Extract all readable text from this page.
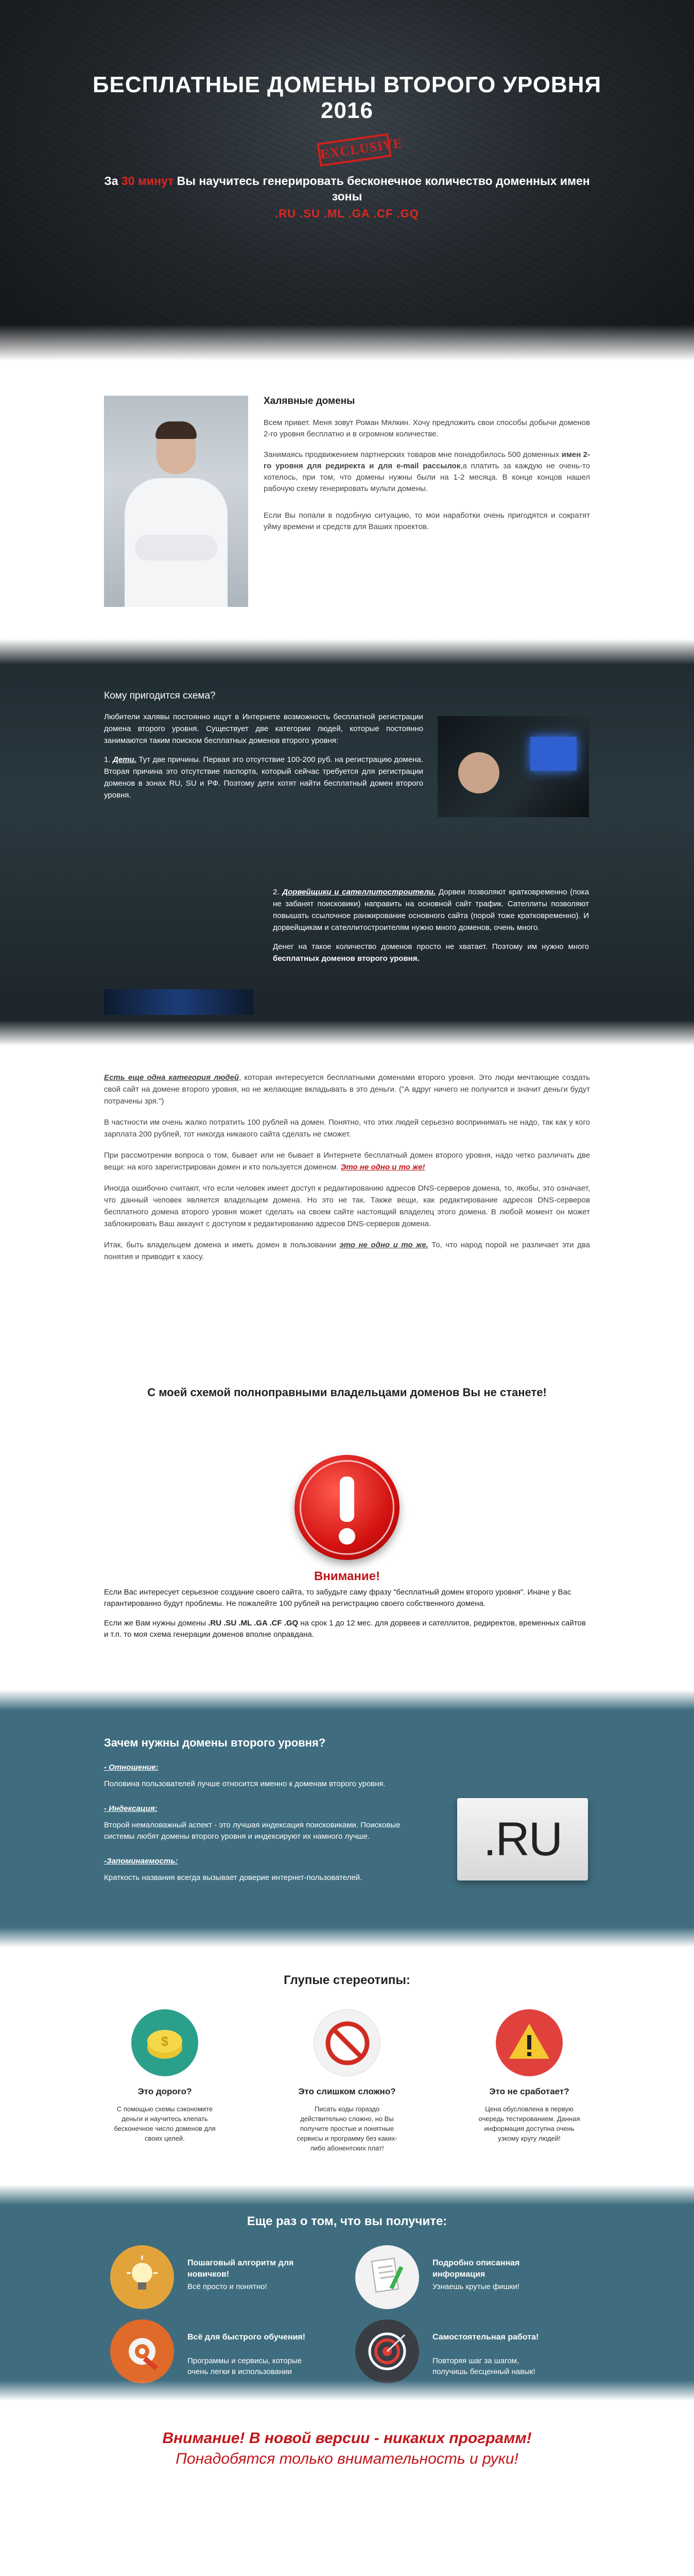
БЕСПЛАТНЫЕ ДОМЕНЫ ВТОРОГО УРОВНЯ
2016
EXCLUSIVE
За 30 минут Вы научитесь генерировать бесконечное количество доменных имен зоны
.RU .SU .ML .GA .CF .GQ
Халявные домены

Всем привет. Меня зовут Роман Мялкин. Хочу предложить свои способы добычи доменов 2-го уровня бесплатно и в огромном количестве.

Занимаясь продвижением партнерских товаров мне понадобилось 500 доменных имен 2-го уровня для редиректа и для e-mail рассылок,а платить за каждую не очень-то хотелось, при том, что домены нужны были на 1-2 месяца. В конце концов нашел рабочую схему генерировать мульти домены.

Если Вы попали в подобную ситуацию, то мои наработки очень пригодятся и сократят уйму времени и средств для Ваших проектов.

Кому пригодится схема?

Любители халявы постоянно ищут в Интернете возможность бесплатной регистрации домена второго уровня. Существует две категории людей, которые постоянно занимаются таким поиском бесплатных доменов второго уровня:

1. Дети. Тут две причины. Первая это отсутствие 100-200 руб. на регистрацию домена. Вторая причина это отсутствие паспорта, который сейчас требуется для регистрации доменов в зонах RU, SU и РФ. Поэтому дети хотят найти бесплатный домен второго уровня.

2. Дорвейщики и сателлитостроители. Дорвеи позволяют кратковременно (пока не забанят поисковики) направить на основной сайт трафик. Сателлиты позволяют повышать ссылочное ранжирование основного сайта (порой тоже кратковременно). И дорвейщикам и сателлитостроителям нужно много доменов, очень много.

Денег на такое количество доменов просто не хватает. Поэтому им нужно много бесплатных доменов второго уровня.

Есть еще одна категория людей, которая интересуется бесплатными доменами второго уровня. Это люди мечтающие создать свой сайт на домене второго уровня, но не желающие вкладывать в это деньги. ("А вдруг ничего не получится и значит деньги будут потрачены зря.")

В частности им очень жалко потратить 100 рублей на домен. Понятно, что этих людей серьезно воспринимать не надо, так как у кого зарплата 200 рублей, тот никогда никакого сайта сделать не сможет.

При рассмотрении вопроса о том, бывает или не бывает в Интернете бесплатный домен второго уровня, надо четко различать две вещи: на кого зарегистрирован домен и кто пользуется доменом. Это не одно и то же!

Иногда ошибочно считают, что если человек имеет доступ к редактированию адресов DNS-серверов домена, то, якобы, это означает, что данный человек является владельцем домена. Но это не так. Также вещи, как редактирование адресов DNS-серверов бесплатного домена второго уровня может сделать на своем сайте настоящий владелец этого домена. В любой момент он может заблокировать Ваш аккаунт с доступом к редактированию адресов DNS-серверов домена.

Итак, быть владельцем домена и иметь домен в пользовании это не одно и то же. То, что народ порой не различает эти два понятия и приводит к хаосу.

С моей схемой полноправными владельцами доменов Вы не станете!
Внимание!

Если Вас интересует серьезное создание своего сайта, то забудьте саму фразу "бесплатный домен второго уровня". Иначе у Вас гарантированно будут проблемы. Не пожалейте 100 рублей на регистрацию своего собственного домена.

Если же Вам нужны домены .RU .SU .ML .GA .CF .GQ на срок 1 до 12 мес. для дорвеев и сателлитов, редиректов, временных сайтов и т.п. то моя схема генерации доменов вполне оправдана.

Зачем нужны домены второго уровня?
- Отношение:
Половина пользователей лучше относится именно к доменам второго уровня.
- Индексация:
Второй немаловажный аспект - это лучшая индексация поисковиками. Поисковые системы любят домены второго уровня и индексируют их намного лучше.
-Запоминаемость:
Краткость названия всегда вызывает доверие интернет-пользователей.
.RU
Глупые стереотипы:
$
Это дорого?
С помощью схемы сэкономите деньги и научитесь клепать бесконечное число доменов для своих целей.
Это слишком сложно?
Писать коды гораздо действительно сложно, но Вы получите простые и понятные сервисы и программу без каких-либо абонентских плат!
Это не сработает?
Цена обусловлена в первую очередь тестированием. Данная информация доступна очень узкому кругу людей!
Еще раз о том, что вы получите:
Пошаговый алгоритм для новичков!
Всё просто и понятно!
Подробно описанная информация
Узнаешь крутые фишки!
Всё для быстрого обучения!
Программы и сервисы, которые очень легки в использовании
Самостоятельная работа!
Повторяя шаг за шагом, получишь бесценный навык!
Внимание! В новой версии - никаких программ!
Понадобятся только внимательность и руки!
